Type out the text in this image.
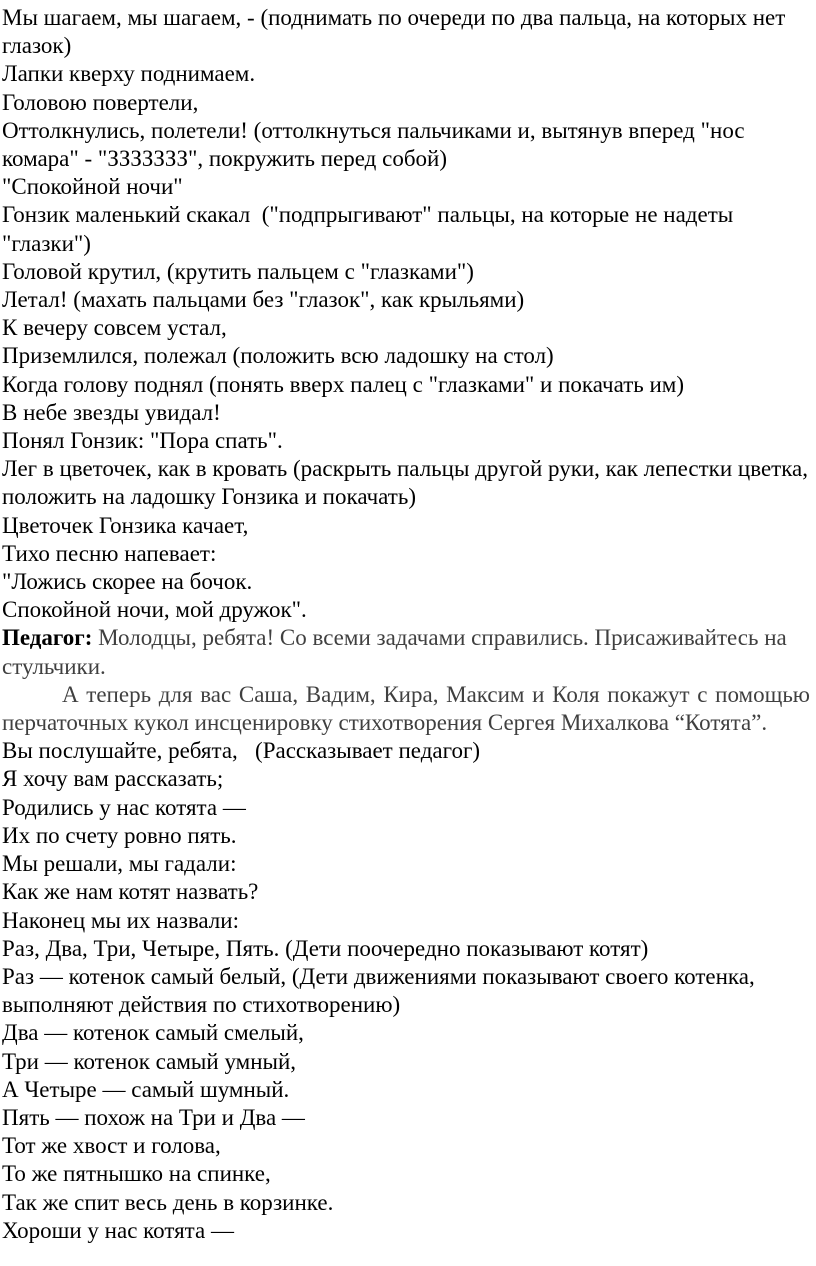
Мы шагаем, мы шагаем, - (поднимать по очереди по два пальца, на которых нет глазок)

Лапки кверху поднимаем.

Головою повертели,

Оттолкнулись, полетели! (оттолкнуться пальчиками и, вытянув вперед "нос комара" - "ЗЗЗЗЗЗЗ", покружить перед собой)

"Спокойной ночи"

Гонзик маленький скакал  ("подпрыгивают" пальцы, на которые не надеты "глазки")

Головой крутил, (крутить пальцем с "глазками")

Летал! (махать пальцами без "глазок", как крыльями)

К вечеру совсем устал,

Приземлился, полежал (положить всю ладошку на стол)

Когда голову поднял (понять вверх палец с "глазками" и покачать им)

В небе звезды увидал!

Понял Гонзик: "Пора спать".

Лег в цветочек, как в кровать (раскрыть пальцы другой руки, как лепестки цветка, положить на ладошку Гонзика и покачать)

Цветочек Гонзика качает,

Тихо песню напевает:

"Ложись скорее на бочок.

Спокойной ночи, мой дружок".

Педагог: Молодцы, ребята! Со всеми задачами справились. Присаживайтесь на стульчики.

А теперь для вас Саша, Вадим, Кира, Максим и Коля покажут с помощью перчаточных кукол инсценировку стихотворения Сергея Михалкова “Котята”.

Вы послушайте, ребята,   (Рассказывает педагог)

Я хочу вам рассказать;

Родились у нас котята —

Их по счету ровно пять.

Мы решали, мы гадали:

Как же нам котят назвать?

Наконец мы их назвали:

Раз, Два, Три, Четыре, Пять. (Дети поочередно показывают котят)

Раз — котенок самый белый, (Дети движениями показывают своего котенка, выполняют действия по стихотворению)

Два — котенок самый смелый,

Три — котенок самый умный,

А Четыре — самый шумный.

Пять — похож на Три и Два —

Тот же хвост и голова,

То же пятнышко на спинке,

Так же спит весь день в корзинке.

Хороши у нас котята —
